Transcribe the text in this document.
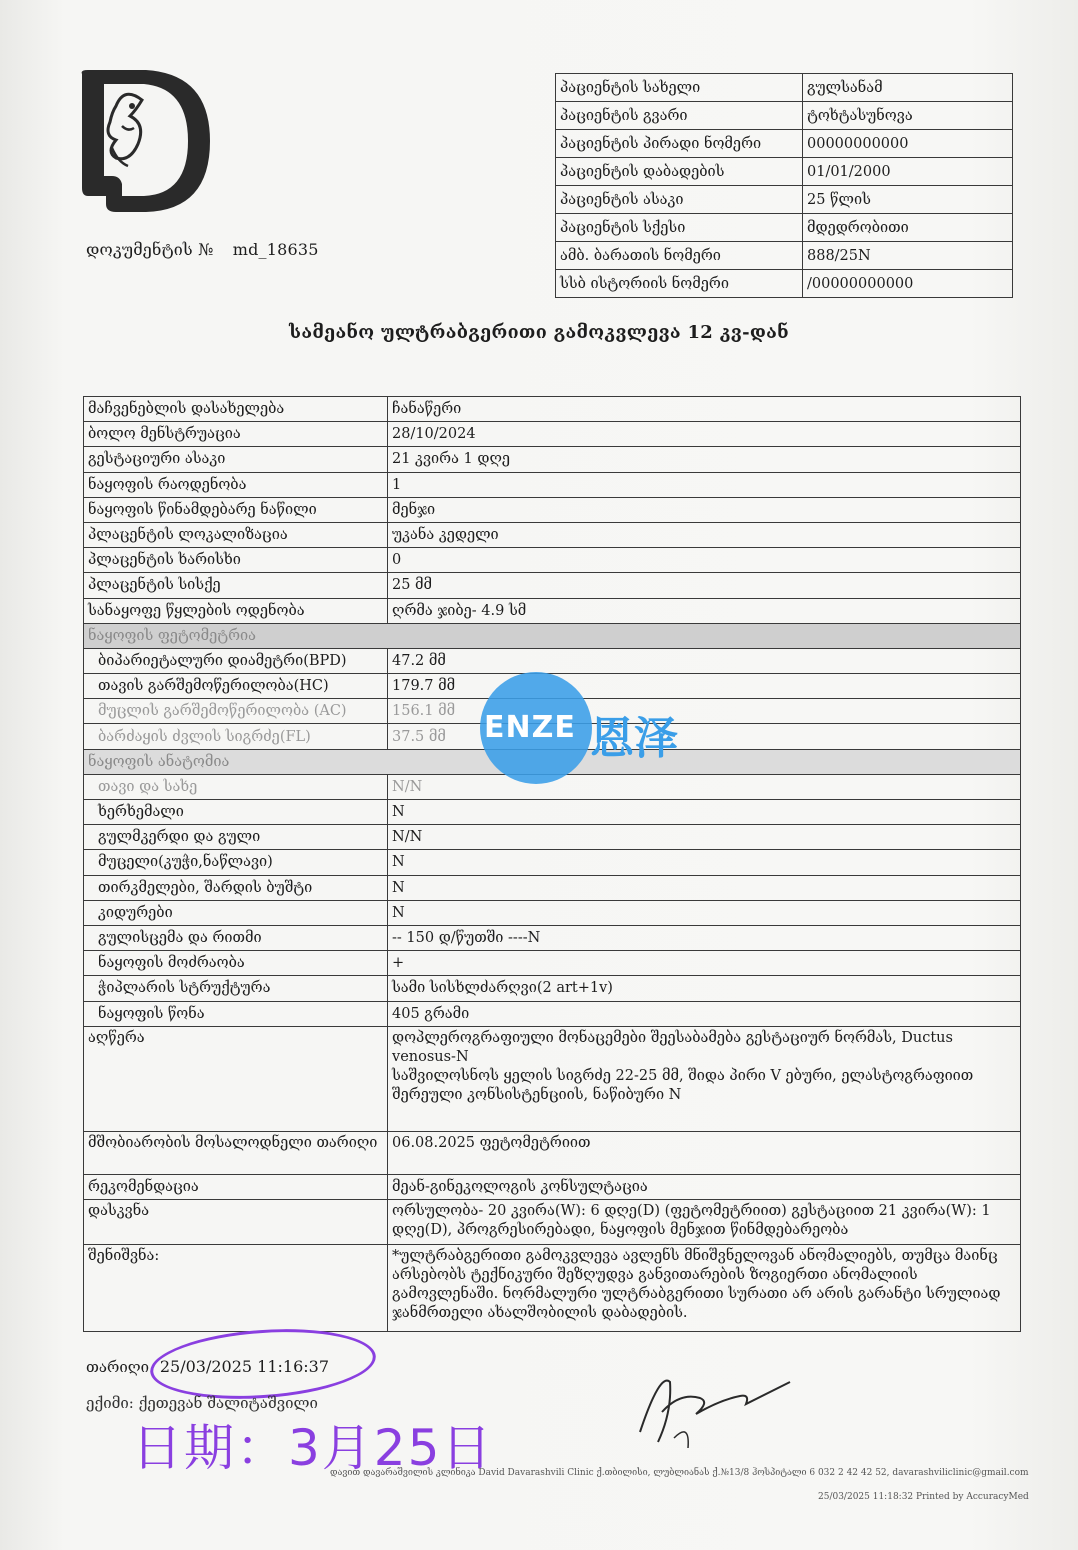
დოკუმენტის № md_18635
პაციენტის სახელი	გულსანამ
პაციენტის გვარი	ტოხტასუნოვა
პაციენტის პირადი ნომერი	00000000000
პაციენტის დაბადების	01/01/2000
პაციენტის ასაკი	25 წლის
პაციენტის სქესი	მდედრობითი
ამბ. ბარათის ნომერი	888/25N
სსბ ისტორიის ნომერი	/00000000000
სამეანო ულტრაბგერითი გამოკვლევა 12 კვ-დან
მაჩვენებლის დასახელება	ჩანაწერი
ბოლო მენსტრუაცია	28/10/2024
გესტაციური ასაკი	21 კვირა 1 დღე
ნაყოფის რაოდენობა	1
ნაყოფის წინამდებარე ნაწილი	მენჯი
პლაცენტის ლოკალიზაცია	უკანა კედელი
პლაცენტის ხარისხი	0
პლაცენტის სისქე	25 მმ
სანაყოფე წყლების ოდენობა	ღრმა ჯიბე- 4.9 სმ
ნაყოფის ფეტომეტრია	
ბიპარიეტალური დიამეტრი(BPD)	47.2 მმ
თავის გარშემოწერილობა(HC)	179.7 მმ
მუცლის გარშემოწერილობა (AC)	156.1 მმ
ბარძაყის ძვლის სიგრძე(FL)	37.5 მმ
ნაყოფის ანატომია	
თავი და სახე	N/N
ხერხემალი	N
გულმკერდი და გული	N/N
მუცელი(კუჭი,ნაწლავი)	N
თირკმელები, შარდის ბუშტი	N
კიდურები	N
გულისცემა და რითმი	-- 150 დ/წუთში ----N
ნაყოფის მოძრაობა	+
ჭიპლარის სტრუქტურა	სამი სისხლძარღვი(2 art+1v)
ნაყოფის წონა	405 გრამი
აღწერა	დოპლეროგრაფიული მონაცემები შეესაბამება გესტაციურ ნორმას, Ductus venosus-N
საშვილოსნოს ყელის სიგრძე 22-25 მმ, შიდა პირი V ებური, ელასტოგრაფიით შერეული კონსისტენციის, ნაწიბური N

მშობიარობის მოსალოდნელი თარიღი	06.08.2025 ფეტომეტრიით
რეკომენდაცია	მეან-გინეკოლოგის კონსულტაცია
დასკვნა	ორსულობა- 20 კვირა(W): 6 დღე(D) (ფეტომეტრიით) გესტაციით 21 კვირა(W): 1 დღე(D), პროგრესირებადი, ნაყოფის მენჯით წინმდებარეობა
შენიშვნა:	*ულტრაბგერითი გამოკვლევა ავლენს მნიშვნელოვან ანომალიებს, თუმცა მაინც არსებობს ტექნიკური შეზღუდვა განვითარების ზოგიერთი ანომალიის გამოვლენაში. ნორმალური ულტრაბგერითი სურათი არ არის გარანტი სრულიად ჯანმრთელი ახალშობილის დაბადების.
ENZE 恩泽
თარიღი 25/03/2025 11:16:37
ექიმი: ქეთევან შალიტაშვილი
日期：3月25日
დავით დავარაშვილის კლინიკა David Davarashvili Clinic ქ.თბილისი, ლუბლიანას ქ.№13/8 ჰოსპიტალი 6 032 2 42 42 52, davarashviliclinic@gmail.com
25/03/2025 11:18:32 Printed by AccuracyMed
